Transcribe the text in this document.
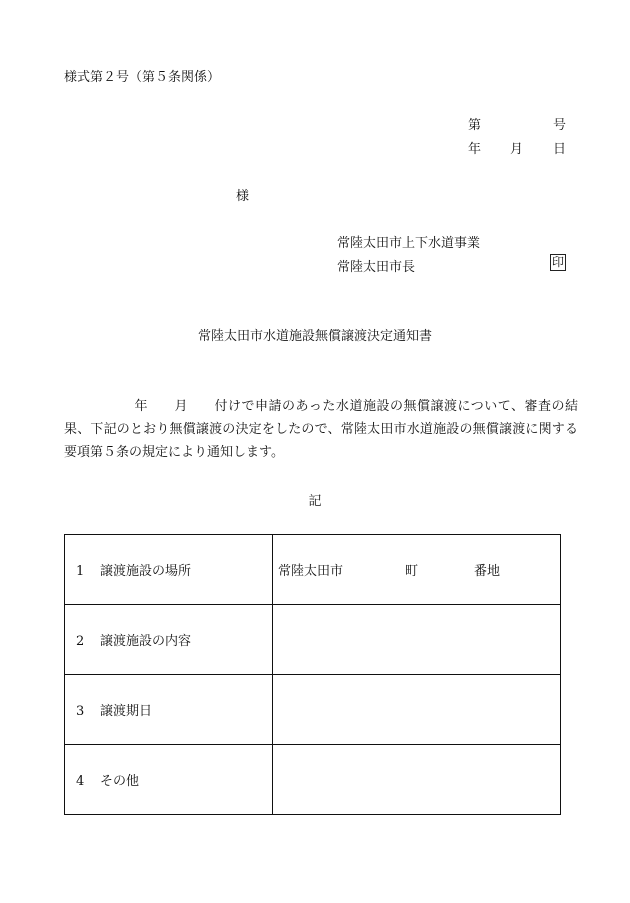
様式第２号（第５条関係）
第	号
年 月 日
様
常陸太田市上下水道事業
常陸太田市長	印
常陸太田市水道施設無償譲渡決定通知書
年 月 付けで申請のあった水道施設の無償譲渡について、審査の結果、下記のとおり無償譲渡の決定をしたので、常陸太田市水道施設の無償譲渡に関する要項第５条の規定により通知します。
記
1 譲渡施設の場所	常陸太田市 町 番地
2 譲渡施設の内容	
3 譲渡期日	
4 その他	
